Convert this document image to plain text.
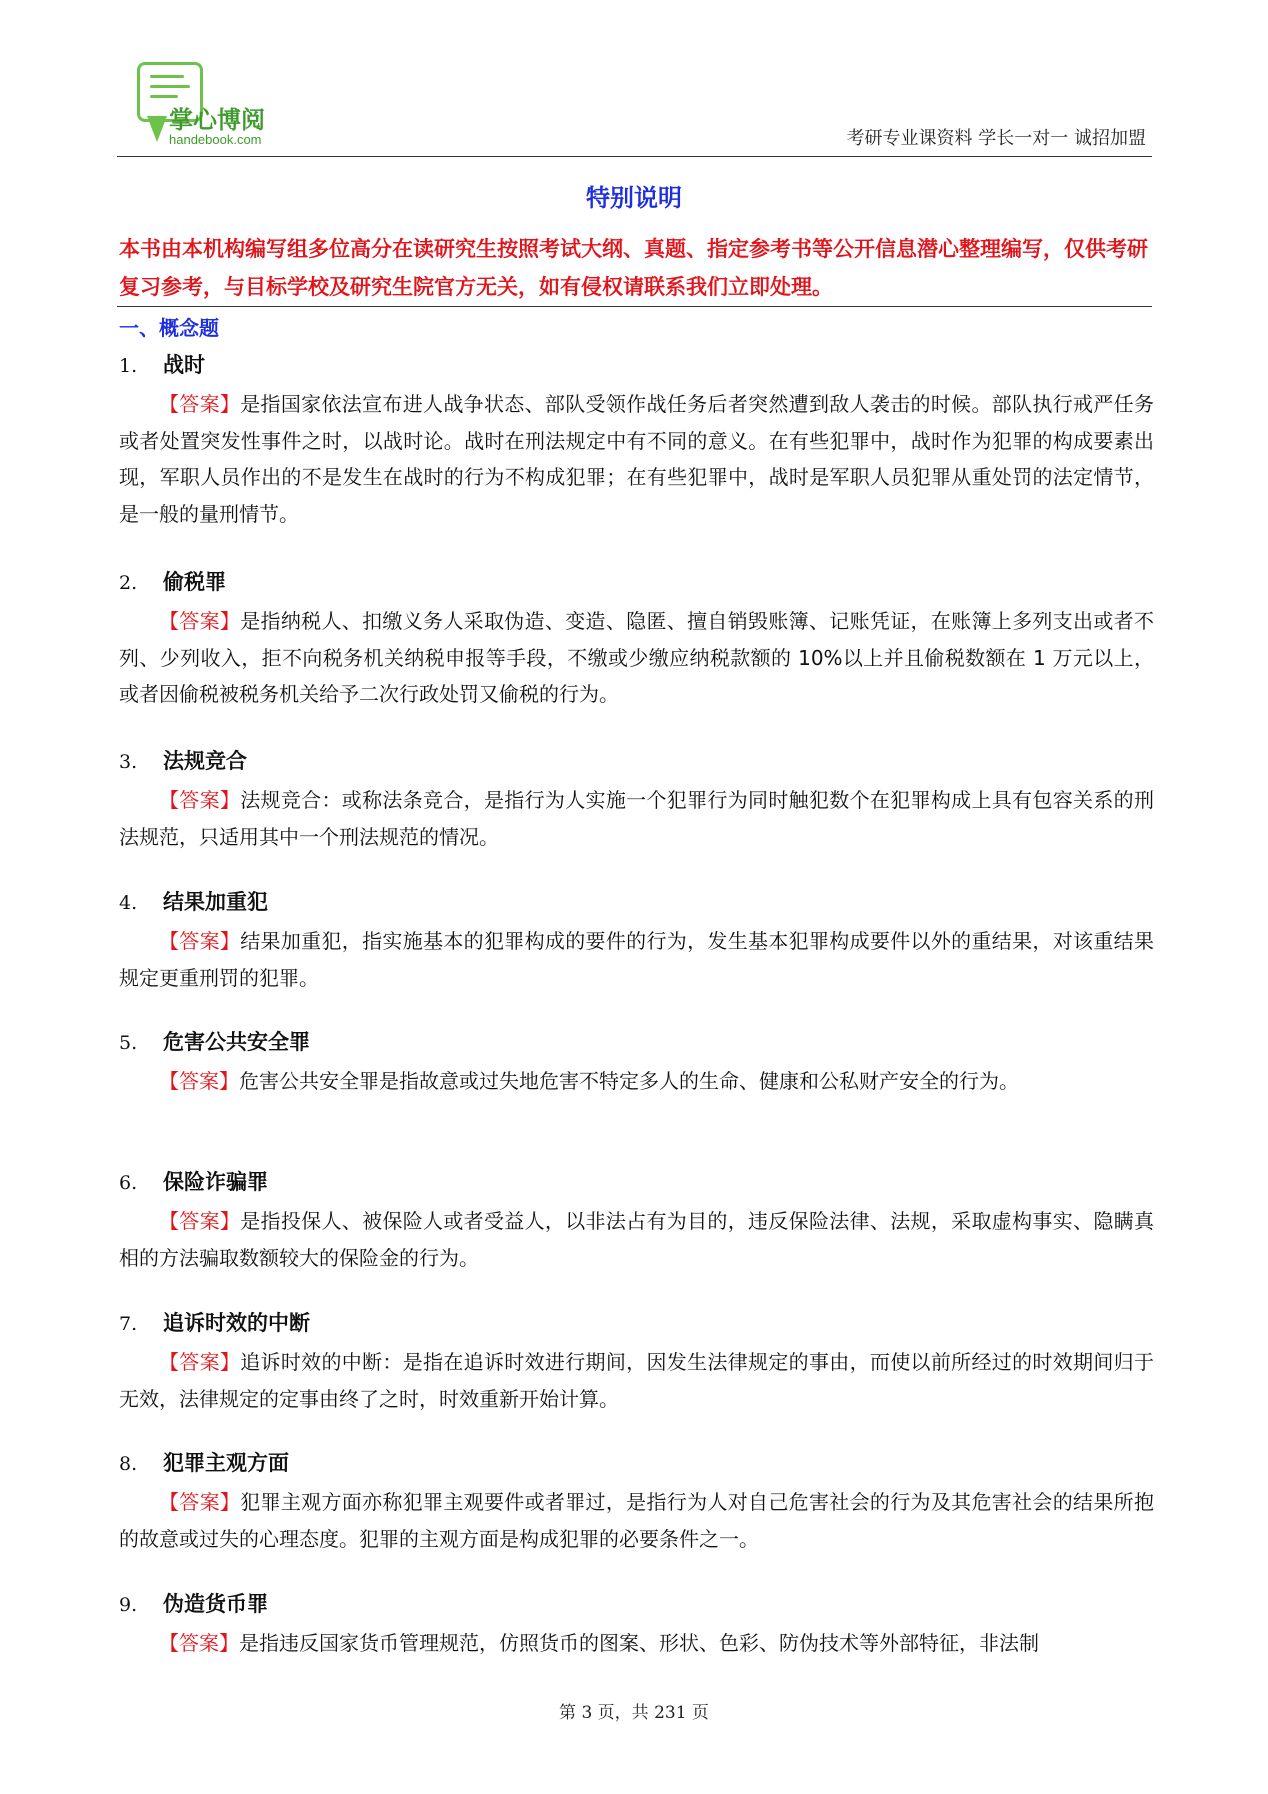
掌心博阅
handebook.com	考研专业课资料 学长一对一 诚招加盟
特别说明
本书由本机构编写组多位高分在读研究生按照考试大纲、真题、指定参考书等公开信息潜心整理编写，仅供考研复习参考，与目标学校及研究生院官方无关，如有侵权请联系我们立即处理。
一、概念题
1. 战时
【答案】是指国家依法宣布进人战争状态、部队受领作战任务后者突然遭到敌人袭击的时候。部队执行戒严任务或者处置突发性事件之时，以战时论。战时在刑法规定中有不同的意义。在有些犯罪中，战时作为犯罪的构成要素出现，军职人员作出的不是发生在战时的行为不构成犯罪；在有些犯罪中，战时是军职人员犯罪从重处罚的法定情节，是一般的量刑情节。
2. 偷税罪
【答案】是指纳税人、扣缴义务人采取伪造、变造、隐匿、擅自销毁账簿、记账凭证，在账簿上多列支出或者不列、少列收入，拒不向税务机关纳税申报等手段，不缴或少缴应纳税款额的 10%以上并且偷税数额在 1 万元以上，或者因偷税被税务机关给予二次行政处罚又偷税的行为。
3. 法规竞合
【答案】法规竞合：或称法条竞合，是指行为人实施一个犯罪行为同时触犯数个在犯罪构成上具有包容关系的刑法规范，只适用其中一个刑法规范的情况。
4. 结果加重犯
【答案】结果加重犯，指实施基本的犯罪构成的要件的行为，发生基本犯罪构成要件以外的重结果，对该重结果规定更重刑罚的犯罪。
5. 危害公共安全罪
【答案】危害公共安全罪是指故意或过失地危害不特定多人的生命、健康和公私财产安全的行为。
6. 保险诈骗罪
【答案】是指投保人、被保险人或者受益人，以非法占有为目的，违反保险法律、法规，采取虚构事实、隐瞒真相的方法骗取数额较大的保险金的行为。
7. 追诉时效的中断
【答案】追诉时效的中断：是指在追诉时效进行期间，因发生法律规定的事由，而使以前所经过的时效期间归于无效，法律规定的定事由终了之时，时效重新开始计算。
8. 犯罪主观方面
【答案】犯罪主观方面亦称犯罪主观要件或者罪过，是指行为人对自己危害社会的行为及其危害社会的结果所抱的故意或过失的心理态度。犯罪的主观方面是构成犯罪的必要条件之一。
9. 伪造货币罪
【答案】是指违反国家货币管理规范，仿照货币的图案、形状、色彩、防伪技术等外部特征，非法制
第 3 页，共 231 页
